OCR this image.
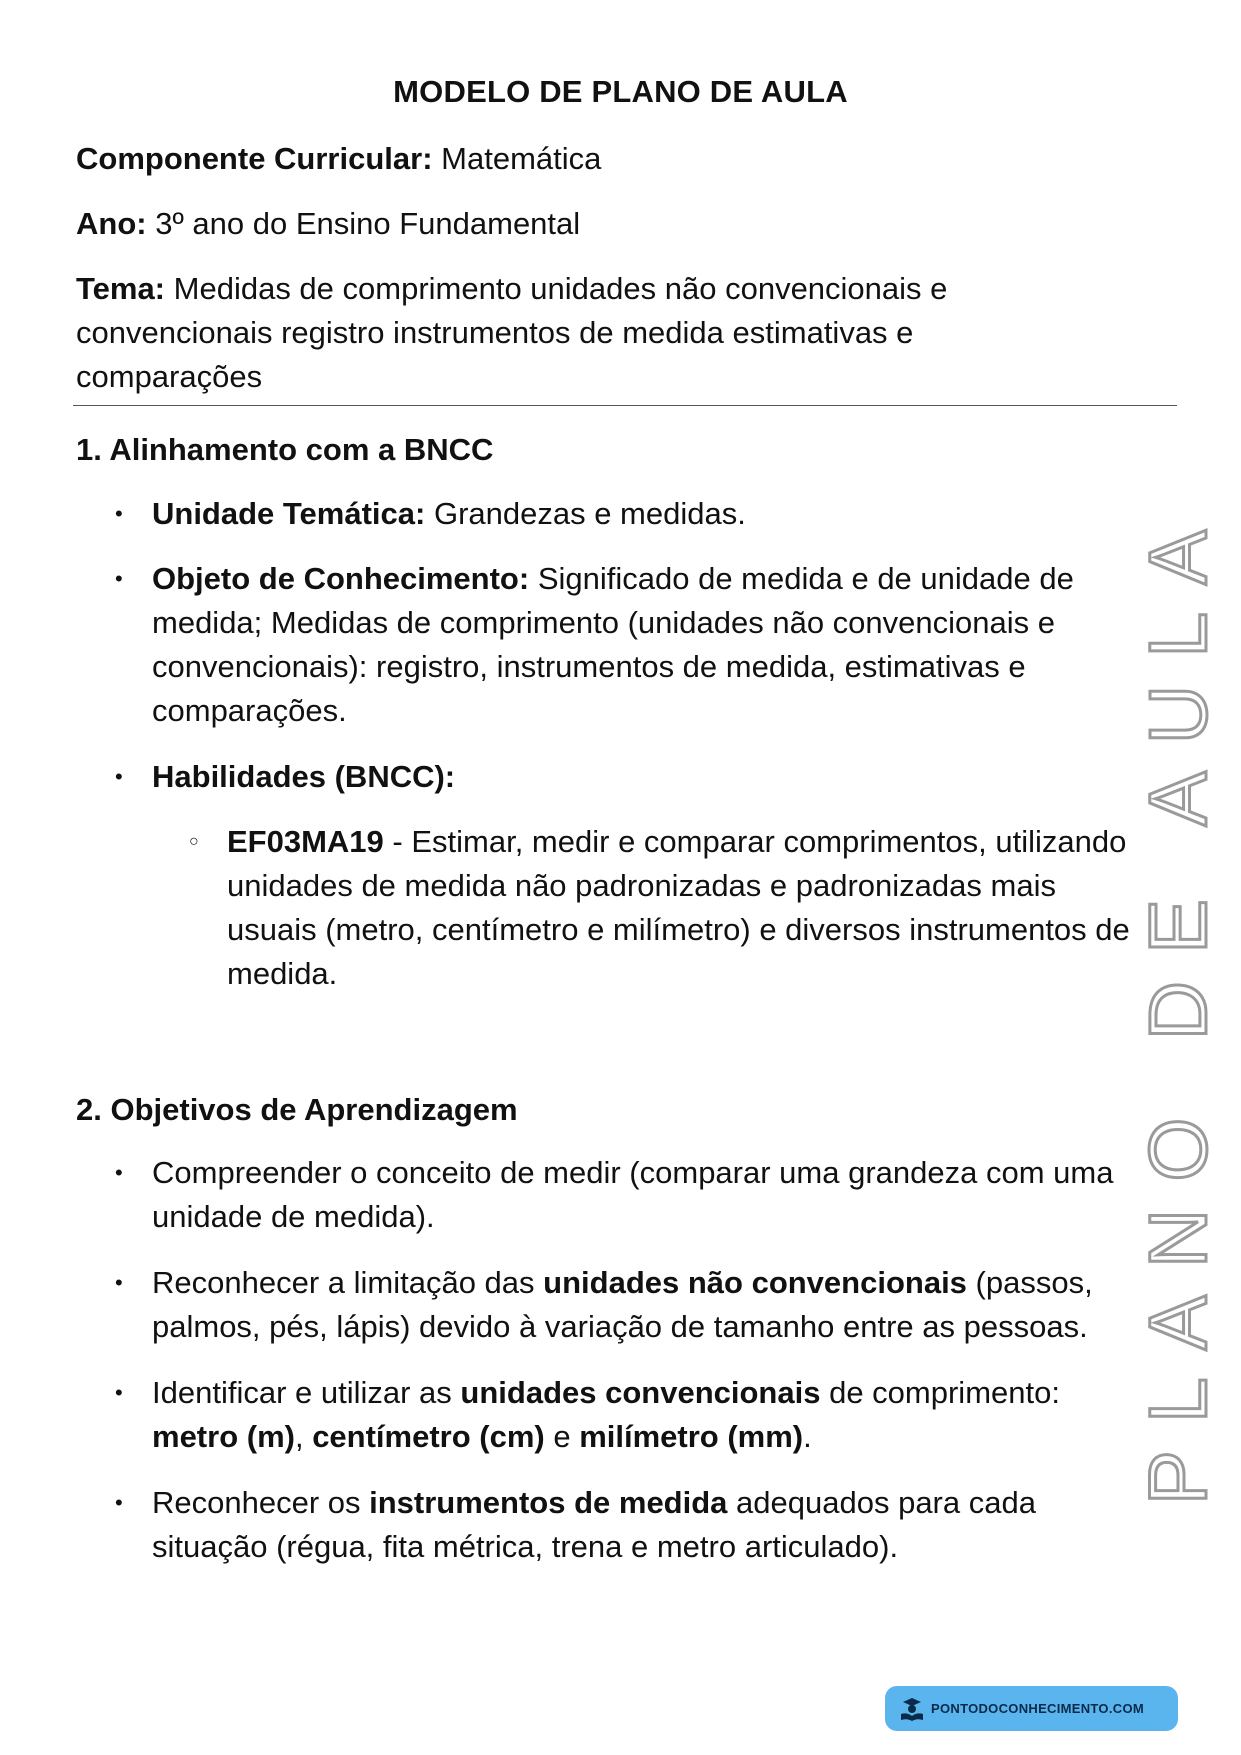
MODELO DE PLANO DE AULA
Componente Curricular: Matemática
Ano: 3º ano do Ensino Fundamental
Tema: Medidas de comprimento unidades não convencionais e convencionais registro instrumentos de medida estimativas e comparações
1. Alinhamento com a BNCC
• Unidade Temática: Grandezas e medidas.
• Objeto de Conhecimento: Significado de medida e de unidade de medida; Medidas de comprimento (unidades não convencionais e convencionais): registro, instrumentos de medida, estimativas e comparações.
• Habilidades (BNCC):
○ EF03MA19 - Estimar, medir e comparar comprimentos, utilizando unidades de medida não padronizadas e padronizadas mais usuais (metro, centímetro e milímetro) e diversos instrumentos de medida.
2. Objetivos de Aprendizagem
• Compreender o conceito de medir (comparar uma grandeza com uma unidade de medida).
• Reconhecer a limitação das unidades não convencionais (passos, palmos, pés, lápis) devido à variação de tamanho entre as pessoas.
• Identificar e utilizar as unidades convencionais de comprimento: metro (m), centímetro (cm) e milímetro (mm).
• Reconhecer os instrumentos de medida adequados para cada situação (régua, fita métrica, trena e metro articulado).
PLANO DE AULA
PONTODOCONHECIMENTO.COM
